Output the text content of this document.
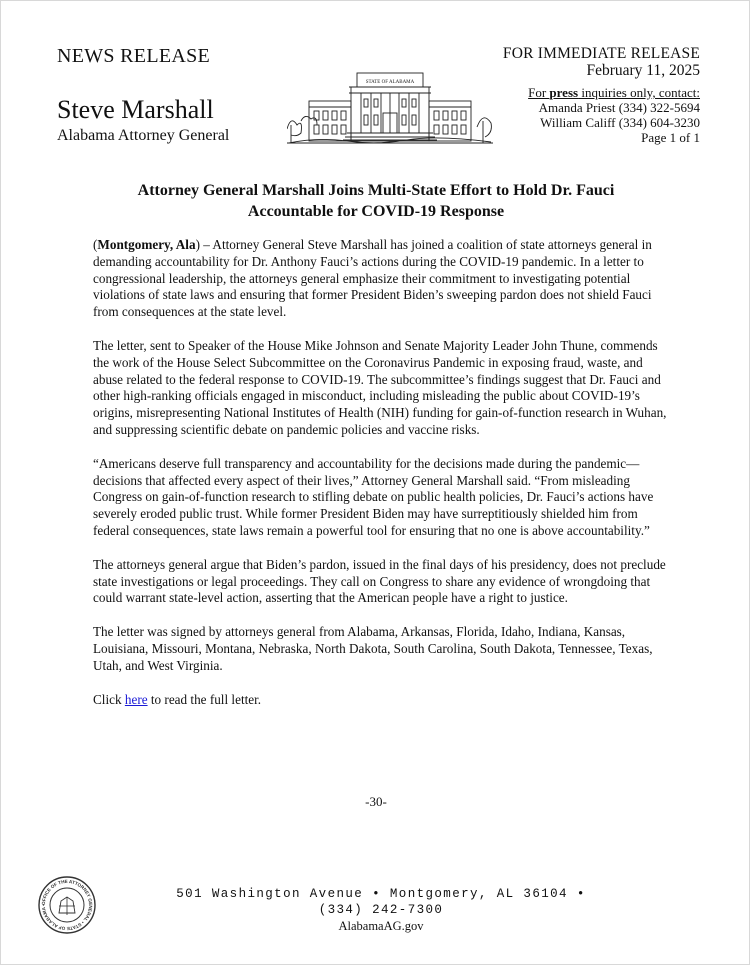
NEWS RELEASE
Steve Marshall
Alabama Attorney General
STATE OF ALABAMA
FOR IMMEDIATE RELEASE
February 11, 2025
For press inquiries only, contact:
Amanda Priest (334) 322-5694
William Califf (334) 604-3230
Page 1 of 1
Attorney General Marshall Joins Multi-State Effort to Hold Dr. Fauci
Accountable for COVID-19 Response

(Montgomery, Ala) – Attorney General Steve Marshall has joined a coalition of state attorneys general in demanding accountability for Dr. Anthony Fauci’s actions during the COVID-19 pandemic. In a letter to congressional leadership, the attorneys general emphasize their commitment to investigating potential violations of state laws and ensuring that former President Biden’s sweeping pardon does not shield Fauci from consequences at the state level.

The letter, sent to Speaker of the House Mike Johnson and Senate Majority Leader John Thune, commends the work of the House Select Subcommittee on the Coronavirus Pandemic in exposing fraud, waste, and abuse related to the federal response to COVID-19. The subcommittee’s findings suggest that Dr. Fauci and other high-ranking officials engaged in misconduct, including misleading the public about COVID-19’s origins, misrepresenting National Institutes of Health (NIH) funding for gain-of-function research in Wuhan, and suppressing scientific debate on pandemic policies and vaccine risks.

“Americans deserve full transparency and accountability for the decisions made during the pandemic—decisions that affected every aspect of their lives,” Attorney General Marshall said. “From misleading Congress on gain-of-function research to stifling debate on public health policies, Dr. Fauci’s actions have severely eroded public trust. While former President Biden may have surreptitiously shielded him from federal consequences, state laws remain a powerful tool for ensuring that no one is above accountability.”

The attorneys general argue that Biden’s pardon, issued in the final days of his presidency, does not preclude state investigations or legal proceedings. They call on Congress to share any evidence of wrongdoing that could warrant state-level action, asserting that the American people have a right to justice.

The letter was signed by attorneys general from Alabama, Arkansas, Florida, Idaho, Indiana, Kansas, Louisiana, Missouri, Montana, Nebraska, North Dakota, South Carolina, South Dakota, Tennessee, Texas, Utah, and West Virginia.

Click here to read the full letter.

-30-
OFFICE OF THE ATTORNEY GENERAL • STATE OF ALABAMA •
501 Washington Avenue • Montgomery, AL 36104 • (334) 242-7300
AlabamaAG.gov
